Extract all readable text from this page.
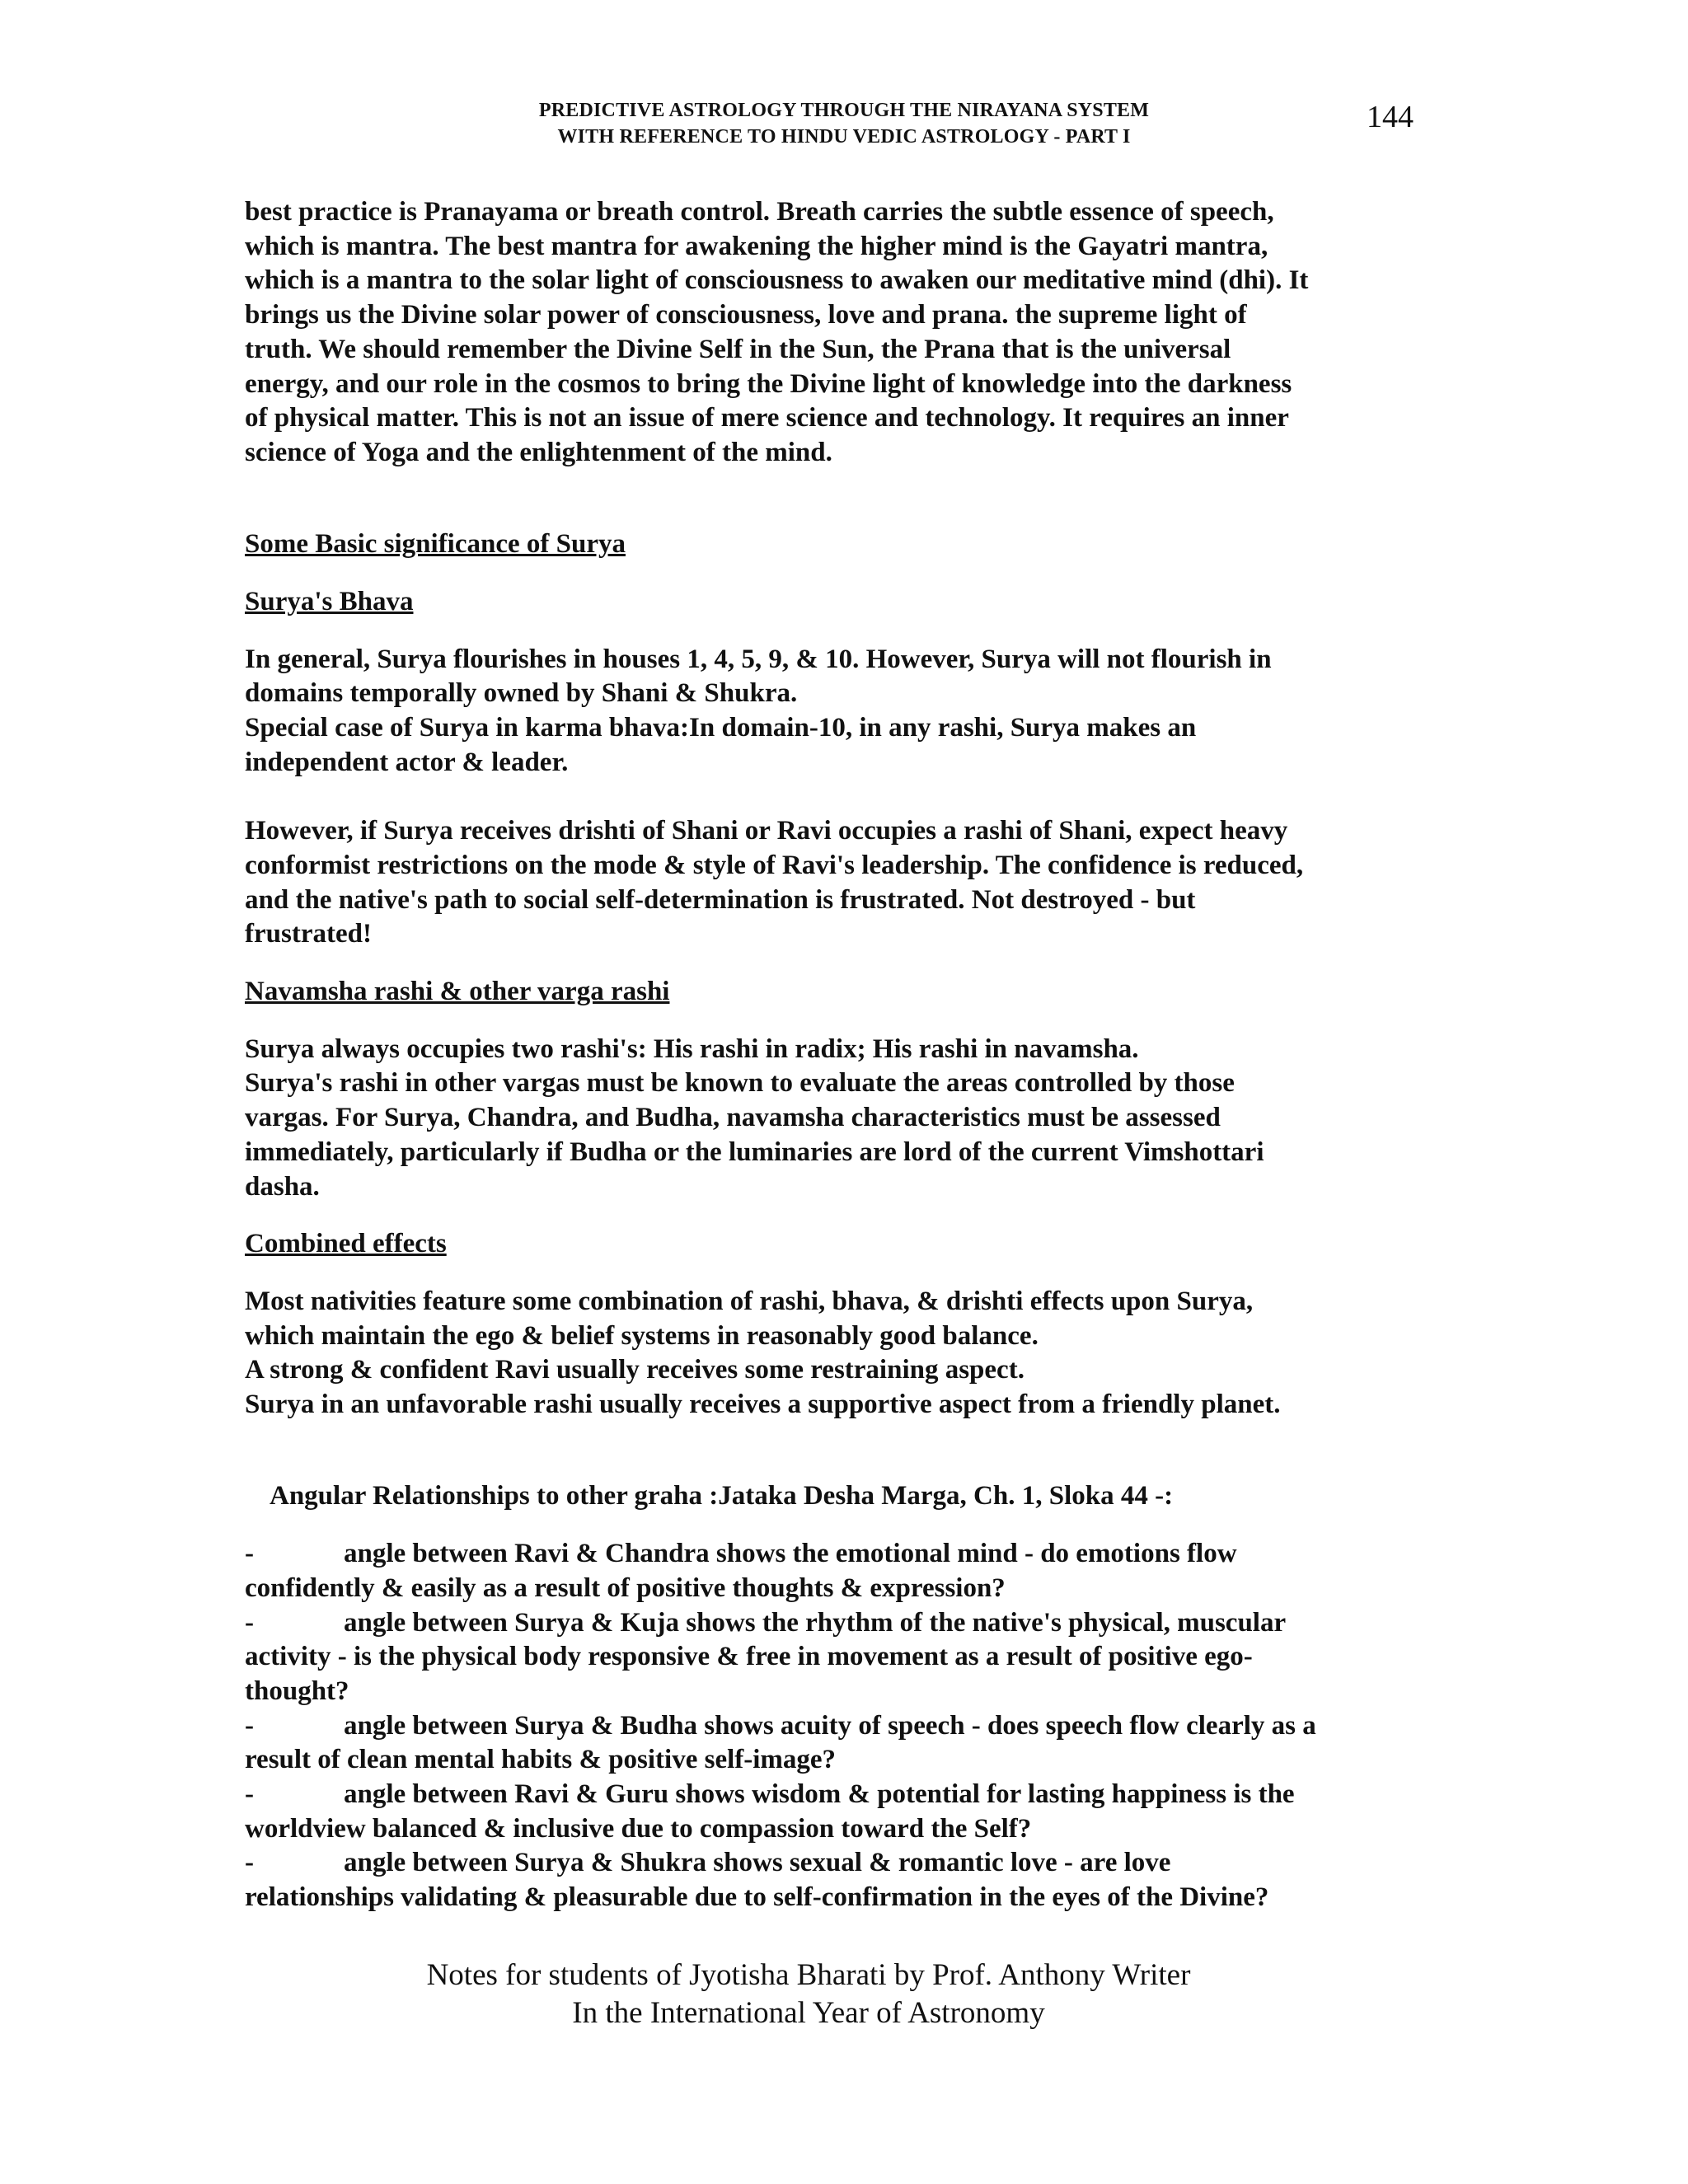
PREDICTIVE ASTROLOGY THROUGH THE NIRAYANA SYSTEM
WITH REFERENCE TO HINDU VEDIC ASTROLOGY - PART I
144

best practice is Pranayama or breath control. Breath carries the subtle essence of speech,
which is mantra. The best mantra for awakening the higher mind is the Gayatri mantra,
which is a mantra to the solar light of consciousness to awaken our meditative mind (dhi). It
brings us the Divine solar power of consciousness, love and prana. the supreme light of
truth. We should remember the Divine Self in the Sun, the Prana that is the universal
energy, and our role in the cosmos to bring the Divine light of knowledge into the darkness
of physical matter. This is not an issue of mere science and technology. It requires an inner
science of Yoga and the enlightenment of the mind.

Some Basic significance of Surya
Surya's Bhava

In general, Surya flourishes in houses 1, 4, 5, 9, & 10. However, Surya will not flourish in
domains temporally owned by Shani & Shukra.
Special case of Surya in karma bhava:In domain-10, in any rashi, Surya makes an
independent actor & leader.

However, if Surya receives drishti of Shani or Ravi occupies a rashi of Shani, expect heavy
conformist restrictions on the mode & style of Ravi's leadership. The confidence is reduced,
and the native's path to social self-determination is frustrated. Not destroyed - but
frustrated!

Navamsha rashi & other varga rashi

Surya always occupies two rashi's: His rashi in radix; His rashi in navamsha.
Surya's rashi in other vargas must be known to evaluate the areas controlled by those
vargas. For Surya, Chandra, and Budha, navamsha characteristics must be assessed
immediately, particularly if Budha or the luminaries are lord of the current Vimshottari
dasha.

Combined effects

Most nativities feature some combination of rashi, bhava, & drishti effects upon Surya,
which maintain the ego & belief systems in reasonably good balance.
A strong & confident Ravi usually receives some restraining aspect.
Surya in an unfavorable rashi usually receives a supportive aspect from a friendly planet.

Angular Relationships to other graha :Jataka Desha Marga, Ch. 1, Sloka 44 -:
-	angle between Ravi & Chandra shows the emotional mind - do emotions flow
confidently & easily as a result of positive thoughts & expression?
-	angle between Surya & Kuja shows the rhythm of the native's physical, muscular
activity - is the physical body responsive & free in movement as a result of positive ego-
thought?
-	angle between Surya & Budha shows acuity of speech - does speech flow clearly as a
result of clean mental habits & positive self-image?
-	angle between Ravi & Guru shows wisdom & potential for lasting happiness is the
worldview balanced & inclusive due to compassion toward the Self?
-	angle between Surya & Shukra shows sexual & romantic love - are love
relationships validating & pleasurable due to self-confirmation in the eyes of the Divine?
Notes for students of Jyotisha Bharati by Prof. Anthony Writer
In the International Year of Astronomy
